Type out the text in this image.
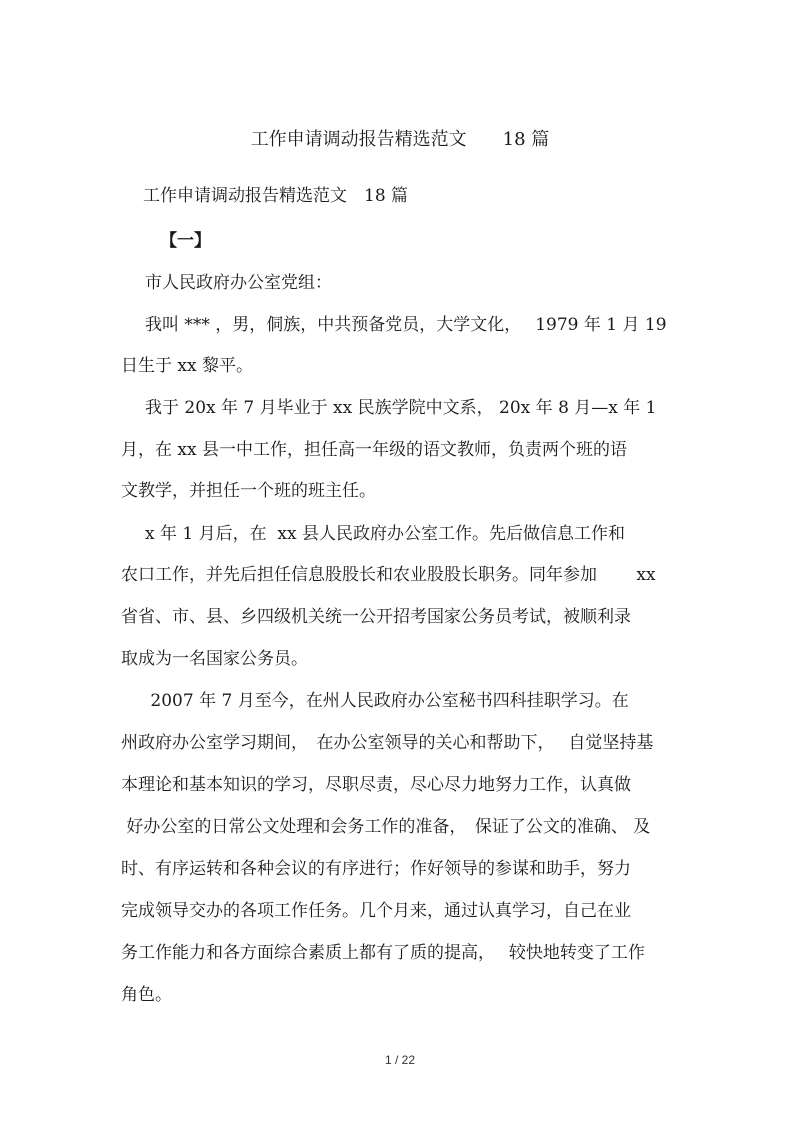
工作申请调动报告精选范文　　18 篇
工作申请调动报告精选范文　18 篇
【一】
市人民政府办公室党组：
我叫 *** ，男，侗族，中共预备党员，大学文化，　 1979 年 1 月 19
日生于 xx 黎平。
我于 20x 年 7 月毕业于 xx 民族学院中文系， 20x 年 8 月—x 年 1
月，在 xx 县一中工作，担任高一年级的语文教师，负责两个班的语
文教学，并担任一个班的班主任。
x 年 1 月后，在  xx 县人民政府办公室工作。先后做信息工作和
农口工作，并先后担任信息股股长和农业股股长职务。同年参加　　 xx
省省、市、县、乡四级机关统一公开招考国家公务员考试，被顺利录
取成为一名国家公务员。
2007 年 7 月至今，在州人民政府办公室秘书四科挂职学习。在
州政府办公室学习期间，　在办公室领导的关心和帮助下，　 自觉坚持基
本理论和基本知识的学习，尽职尽责，尽心尽力地努力工作，认真做
好办公室的日常公文处理和会务工作的准备，　保证了公文的准确、 及
时、有序运转和各种会议的有序进行；作好领导的参谋和助手，努力
完成领导交办的各项工作任务。几个月来，通过认真学习，自己在业
务工作能力和各方面综合素质上都有了质的提高，　 较快地转变了工作
角色。
1 / 22
